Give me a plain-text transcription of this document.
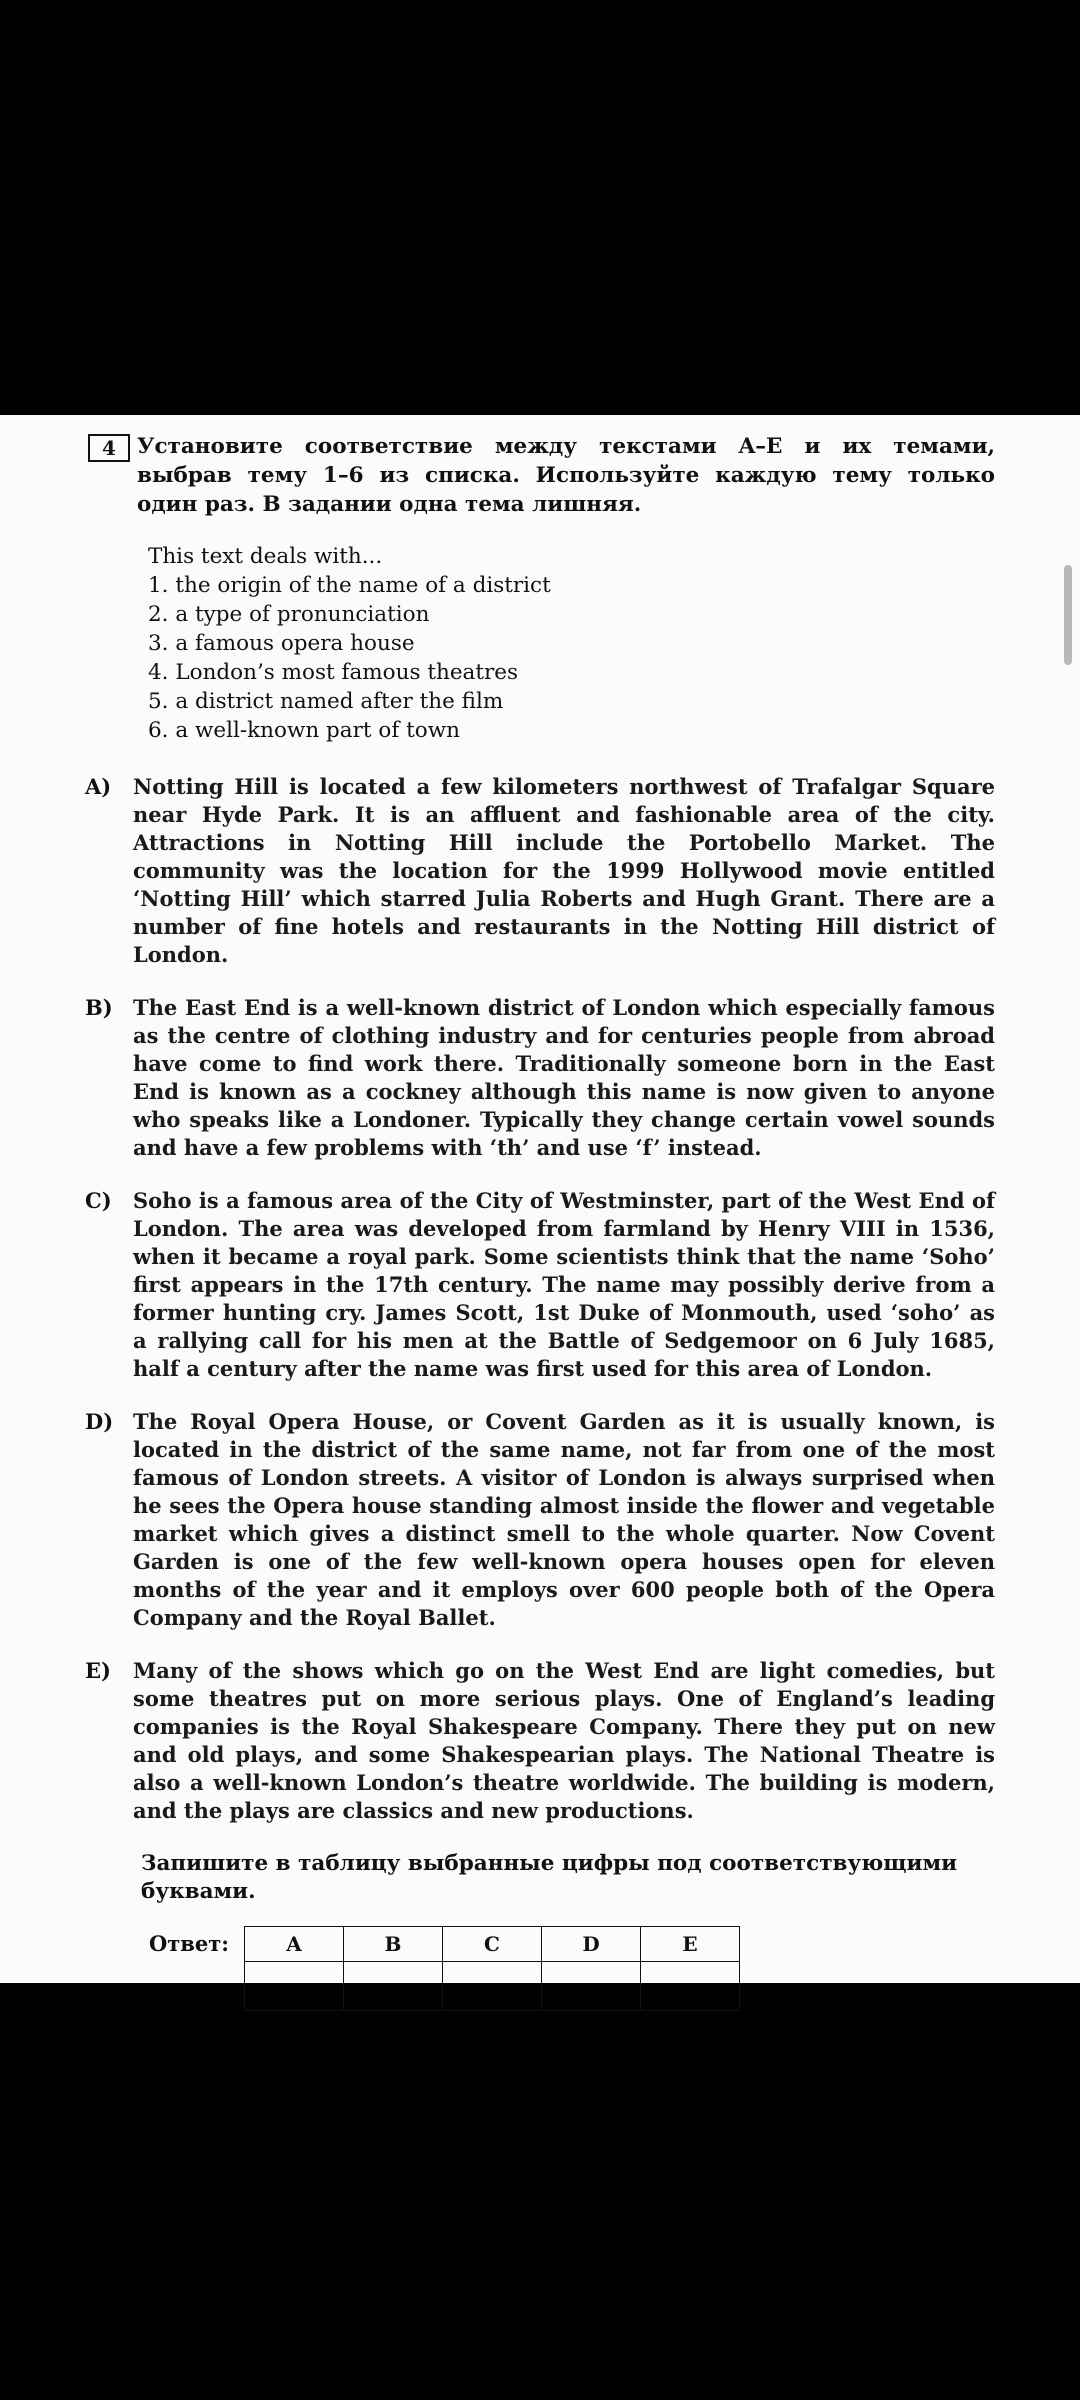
4 Установите соответствие между текстами A–E и их темами, выбрав тему 1–6 из списка. Используйте каждую тему только один раз. В задании одна тема лишняя.

This text deals with...
1. the origin of the name of a district
2. a type of pronunciation
3. a famous opera house
4. London’s most famous theatres
5. a district named after the film
6. a well-known part of town
A) Notting Hill is located a few kilometers northwest of Trafalgar Square near Hyde Park. It is an affluent and fashionable area of the city. Attractions in Notting Hill include the Portobello Market. The community was the location for the 1999 Hollywood movie entitled ‘Notting Hill’ which starred Julia Roberts and Hugh Grant. There are a number of fine hotels and restaurants in the Notting Hill district of London.

B) The East End is a well-known district of London which especially famous as the centre of clothing industry and for centuries people from abroad have come to find work there. Traditionally someone born in the East End is known as a cockney although this name is now given to anyone who speaks like a Londoner. Typically they change certain vowel sounds and have a few problems with ‘th’ and use ‘f’ instead.

C) Soho is a famous area of the City of Westminster, part of the West End of London. The area was developed from farmland by Henry VIII in 1536, when it became a royal park. Some scientists think that the name ‘Soho’ first appears in the 17th century. The name may possibly derive from a former hunting cry. James Scott, 1st Duke of Monmouth, used ‘soho’ as a rallying call for his men at the Battle of Sedgemoor on 6 July 1685, half a century after the name was first used for this area of London.

D) The Royal Opera House, or Covent Garden as it is usually known, is located in the district of the same name, not far from one of the most famous of London streets. A visitor of London is always surprised when he sees the Opera house standing almost inside the flower and vegetable market which gives a distinct smell to the whole quarter. Now Covent Garden is one of the few well-known opera houses open for eleven months of the year and it employs over 600 people both of the Opera Company and the Royal Ballet.

E) Many of the shows which go on the West End are light comedies, but some theatres put on more serious plays. One of England’s leading companies is the Royal Shakespeare Company. There they put on new and old plays, and some Shakespearian plays. The National Theatre is also a well-known London’s theatre worldwide. The building is modern, and the plays are classics and new productions.

Запишите в таблицу выбранные цифры под соответствующими буквами.
Ответ:	A	B	C	D	E
